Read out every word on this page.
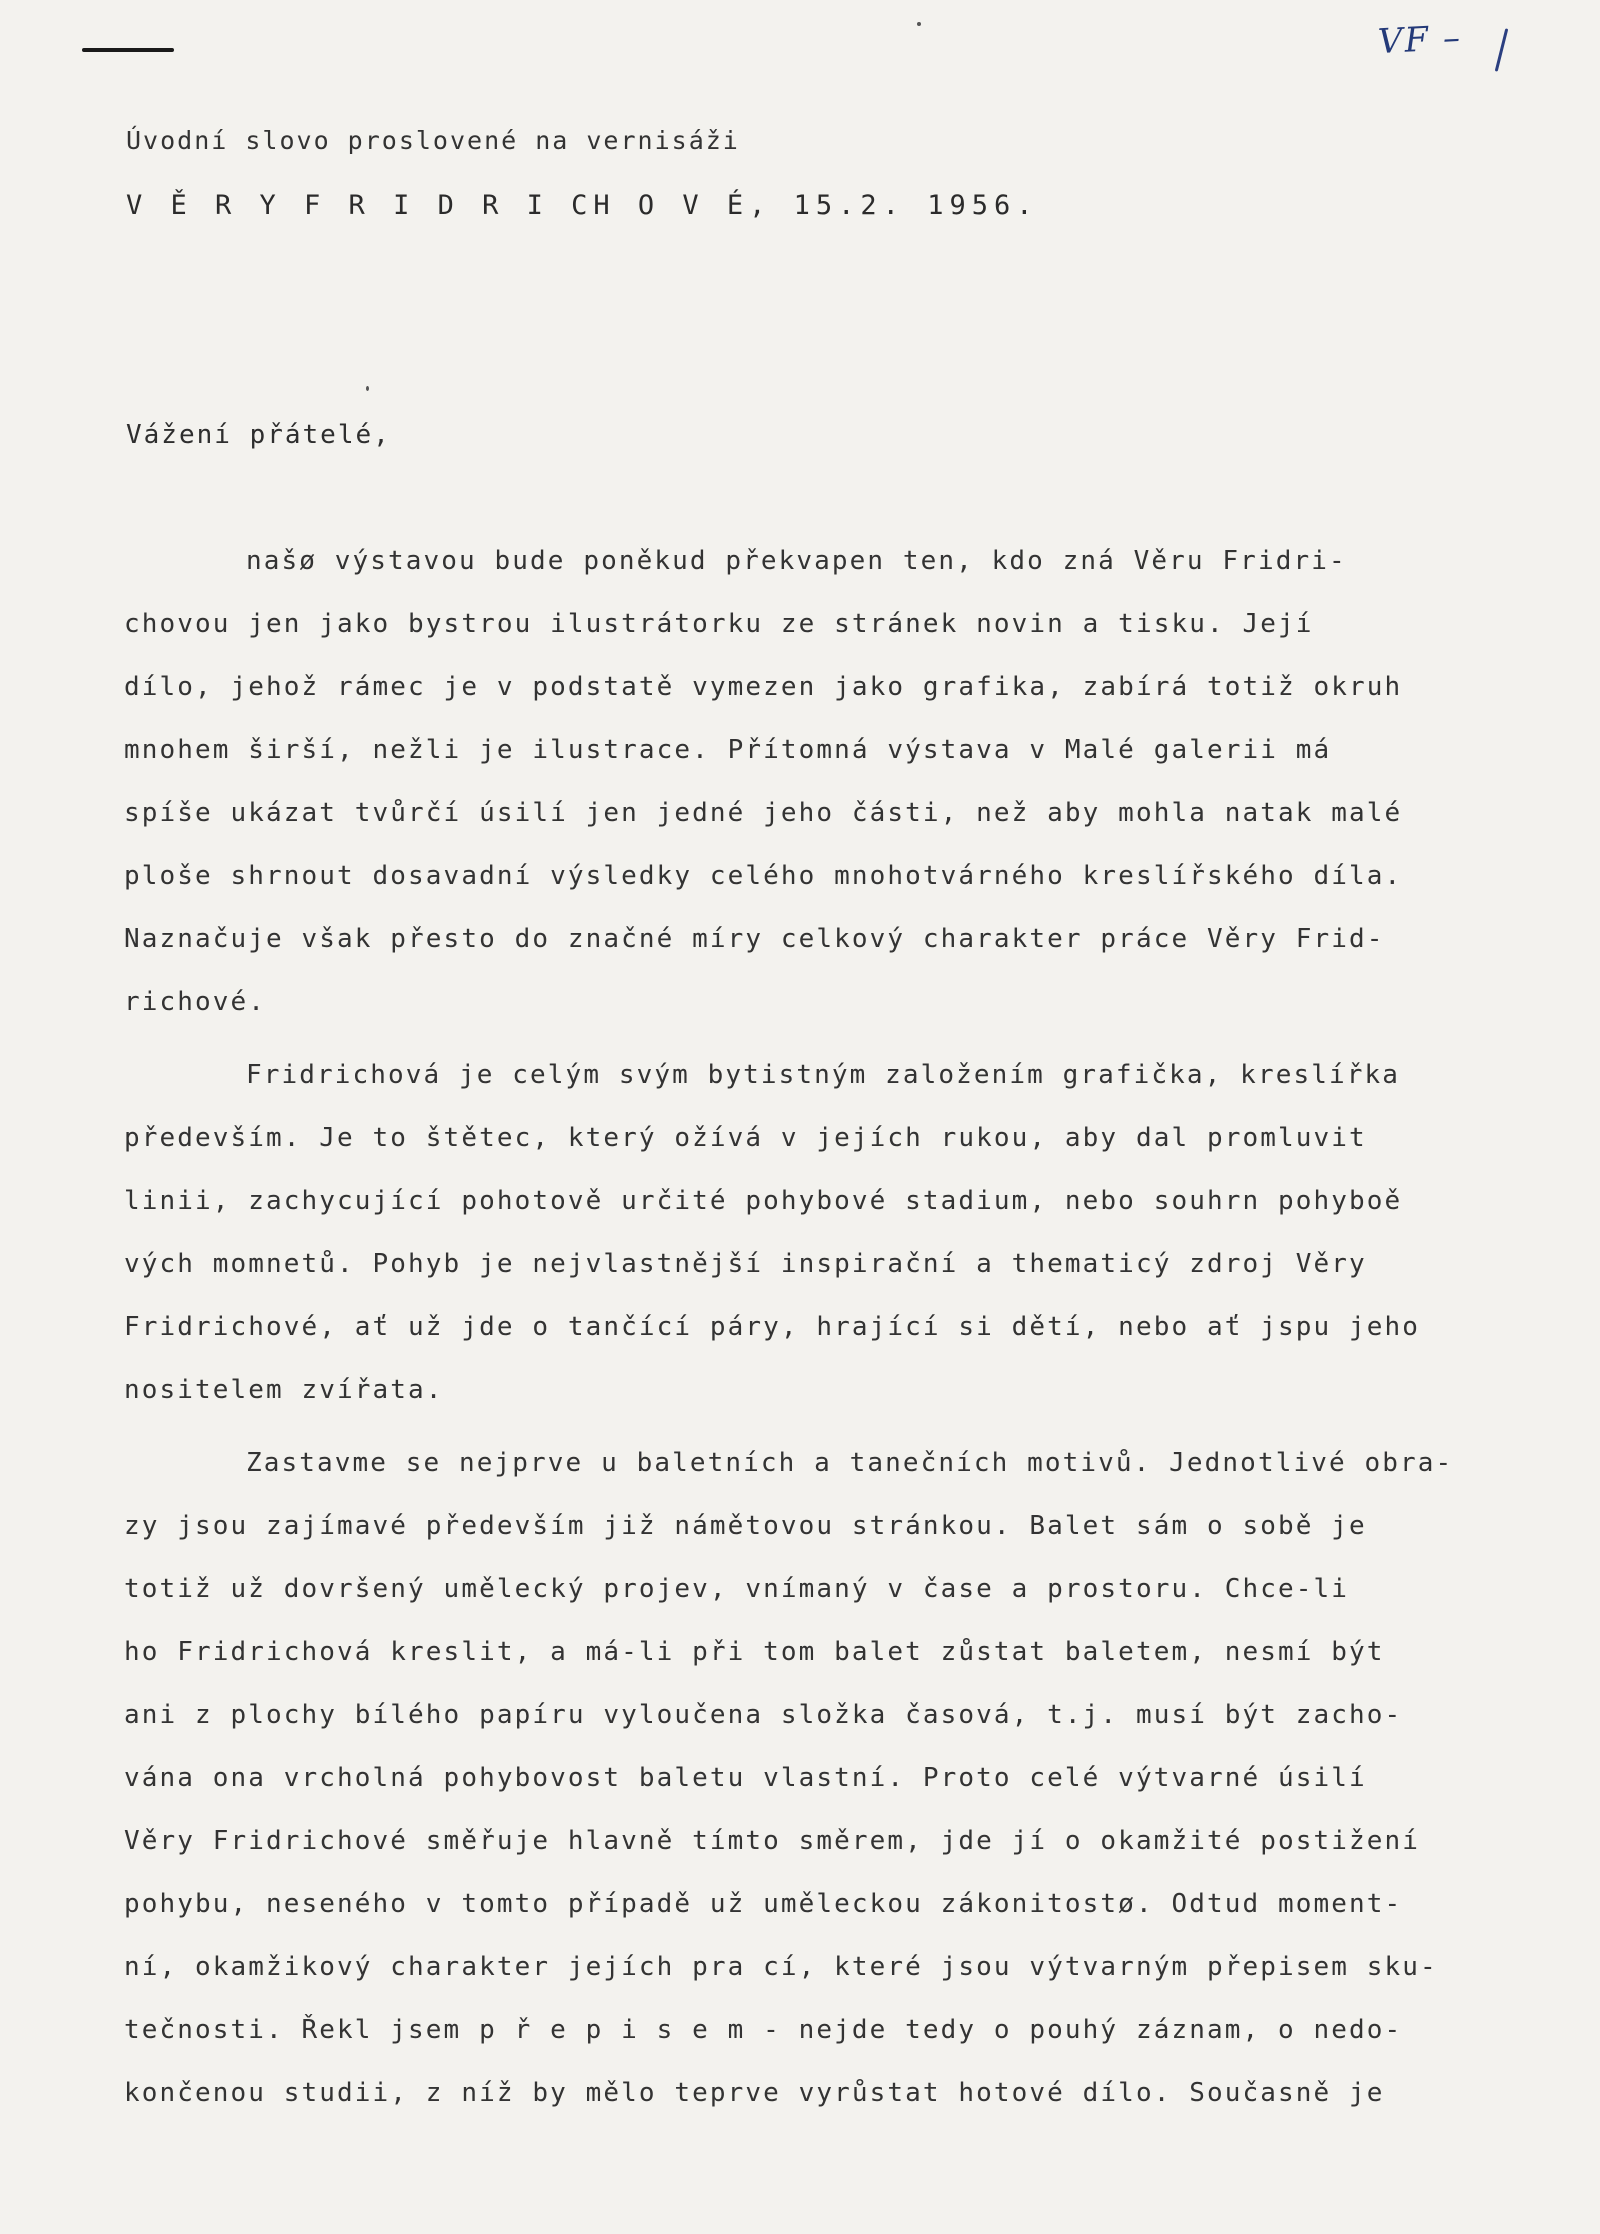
VF –
Úvodní slovo proslovené na vernisáži
V Ě R Y F R I D R I CH O V É, 15.2. 1956.
Vážení přátelé,
našø výstavou bude poněkud překvapen ten, kdo zná Věru Fridri-
chovou jen jako bystrou ilustrátorku ze stránek novin a tisku. Její
dílo, jehož rámec je v podstatě vymezen jako grafika, zabírá totiž okruh
mnohem širší, nežli je ilustrace. Přítomná výstava v Malé galerii má
spíše ukázat tvůrčí úsilí jen jedné jeho části, než aby mohla natak malé
ploše shrnout dosavadní výsledky celého mnohotvárného kreslířského díla.
Naznačuje však přesto do značné míry celkový charakter práce Věry Frid-
richové.
Fridrichová je celým svým bytistným založením grafička, kreslířka
především. Je to štětec, který ožívá v jejích rukou, aby dal promluvit
linii, zachycující pohotově určité pohybové stadium, nebo souhrn pohyboě
vých momnetů. Pohyb je nejvlastnější inspirační a thematicý zdroj Věry
Fridrichové, ať už jde o tančící páry, hrající si dětí, nebo ať jspu jeho
nositelem zvířata.
Zastavme se nejprve u baletních a tanečních motivů. Jednotlivé obra-
zy jsou zajímavé především již námětovou stránkou. Balet sám o sobě je
totiž už dovršený umělecký projev, vnímaný v čase a prostoru. Chce-li
ho Fridrichová kreslit, a má-li při tom balet zůstat baletem, nesmí být
ani z plochy bílého papíru vyloučena složka časová, t.j. musí být zacho-
vána ona vrcholná pohybovost baletu vlastní. Proto celé výtvarné úsilí
Věry Fridrichové směřuje hlavně tímto směrem, jde jí o okamžité postižení
pohybu, neseného v tomto případě už uměleckou zákonitostø. Odtud moment-
ní, okamžikový charakter jejích pra cí, které jsou výtvarným přepisem sku-
tečnosti. Řekl jsem p ř e p i s e m - nejde tedy o pouhý záznam, o nedo-
končenou studii, z níž by mělo teprve vyrůstat hotové dílo. Současně je
